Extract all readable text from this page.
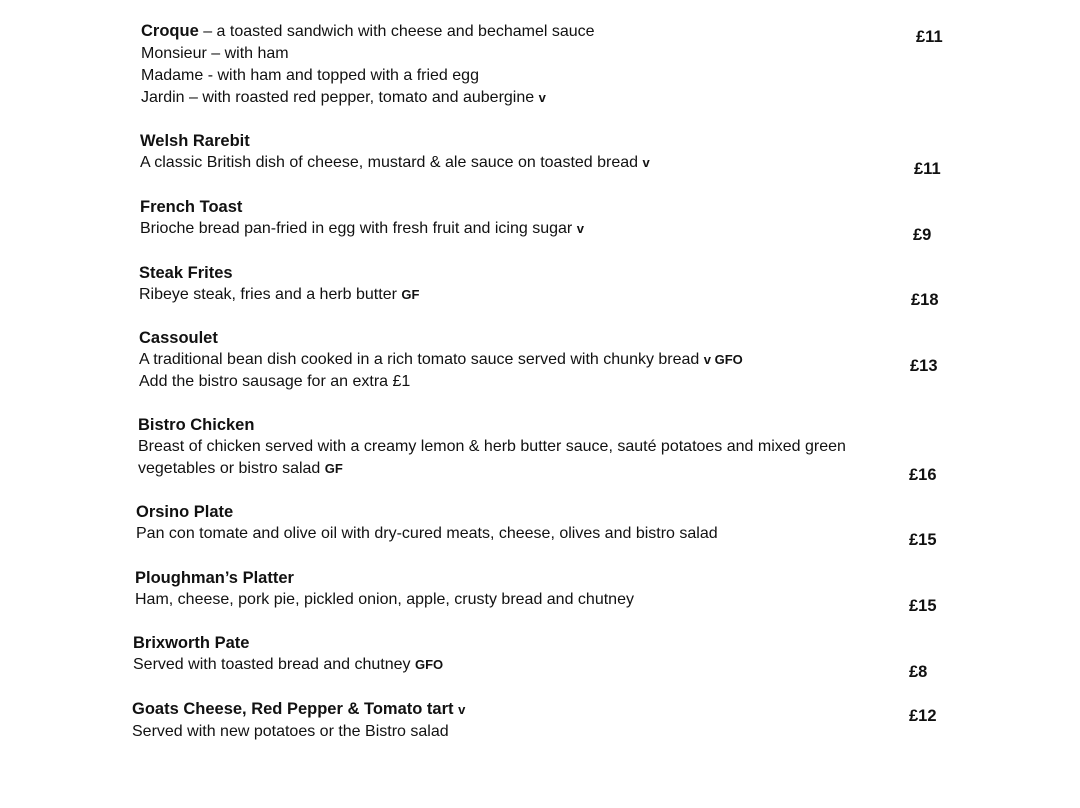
Croque – a toasted sandwich with cheese and bechamel sauce
Monsieur – with ham
Madame - with ham and topped with a fried egg
Jardin – with roasted red pepper, tomato and aubergine v
£11
Welsh Rarebit
A classic British dish of cheese, mustard & ale sauce on toasted bread v	£11
French Toast
Brioche bread pan-fried in egg with fresh fruit and icing sugar v	£9
Steak Frites
Ribeye steak, fries and a herb butter GF	£18
Cassoulet
A traditional bean dish cooked in a rich tomato sauce served with chunky bread v GFO
Add the bistro sausage for an extra £1
£13
Bistro Chicken
Breast of chicken served with a creamy lemon & herb butter sauce, sauté potatoes and mixed green vegetables or bistro salad GF	£16
Orsino Plate
Pan con tomate and olive oil with dry-cured meats, cheese, olives and bistro salad	£15
Ploughman’s Platter
Ham, cheese, pork pie, pickled onion, apple, crusty bread and chutney	£15
Brixworth Pate
Served with toasted bread and chutney GFO	£8
Goats Cheese, Red Pepper & Tomato tart v
Served with new potatoes or the Bistro salad
£12
